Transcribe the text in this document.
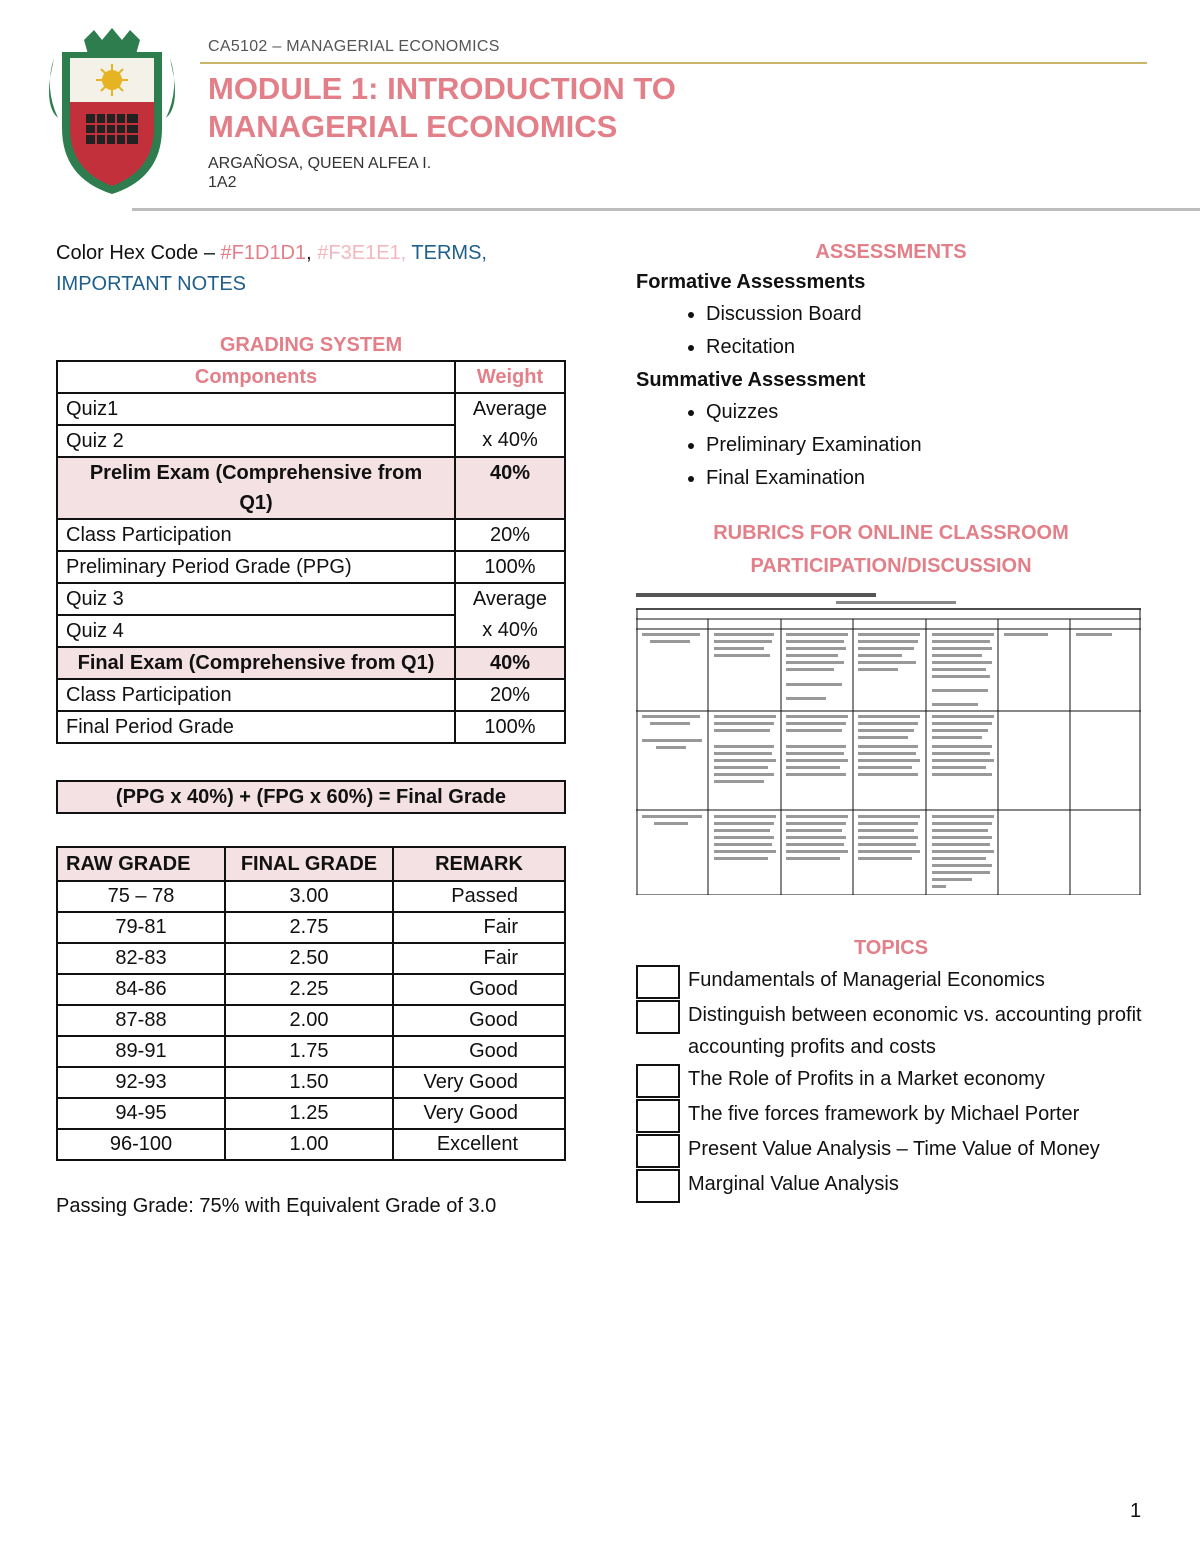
CA5102 – MANAGERIAL ECONOMICS
MODULE 1: INTRODUCTION TO
MANAGERIAL ECONOMICS
ARGAÑOSA, QUEEN ALFEA I.
1A2
Color Hex Code – #F1D1D1, #F3E1E1, TERMS,
IMPORTANT NOTES
GRADING SYSTEM
Components	Weight
Quiz1	Average
x 40%
Quiz 2	
Prelim Exam (Comprehensive from Q1)	40%
Class Participation	20%
Preliminary Period Grade (PPG)	100%
Quiz 3	Average
x 40%
Quiz 4	
Final Exam (Comprehensive from Q1)	40%
Class Participation	20%
Final Period Grade	100%
(PPG x 40%) + (FPG x 60%) = Final Grade
RAW GRADE	FINAL GRADE	REMARK
75 – 78	3.00	Passed
79-81	2.75	Fair
82-83	2.50	Fair
84-86	2.25	Good
87-88	2.00	Good
89-91	1.75	Good
92-93	1.50	Very Good
94-95	1.25	Very Good
96-100	1.00	Excellent
Passing Grade: 75% with Equivalent Grade of 3.0
ASSESSMENTS

Formative Assessments

• Discussion Board
• Recitation

Summative Assessment

• Quizzes
• Preliminary Examination
• Final Examination
RUBRICS FOR ONLINE CLASSROOM
PARTICIPATION/DISCUSSION
TOPICS
Fundamentals of Managerial Economics
Distinguish between economic vs. accounting profit accounting profits and costs
The Role of Profits in a Market economy
The five forces framework by Michael Porter
Present Value Analysis – Time Value of Money
Marginal Value Analysis
1
